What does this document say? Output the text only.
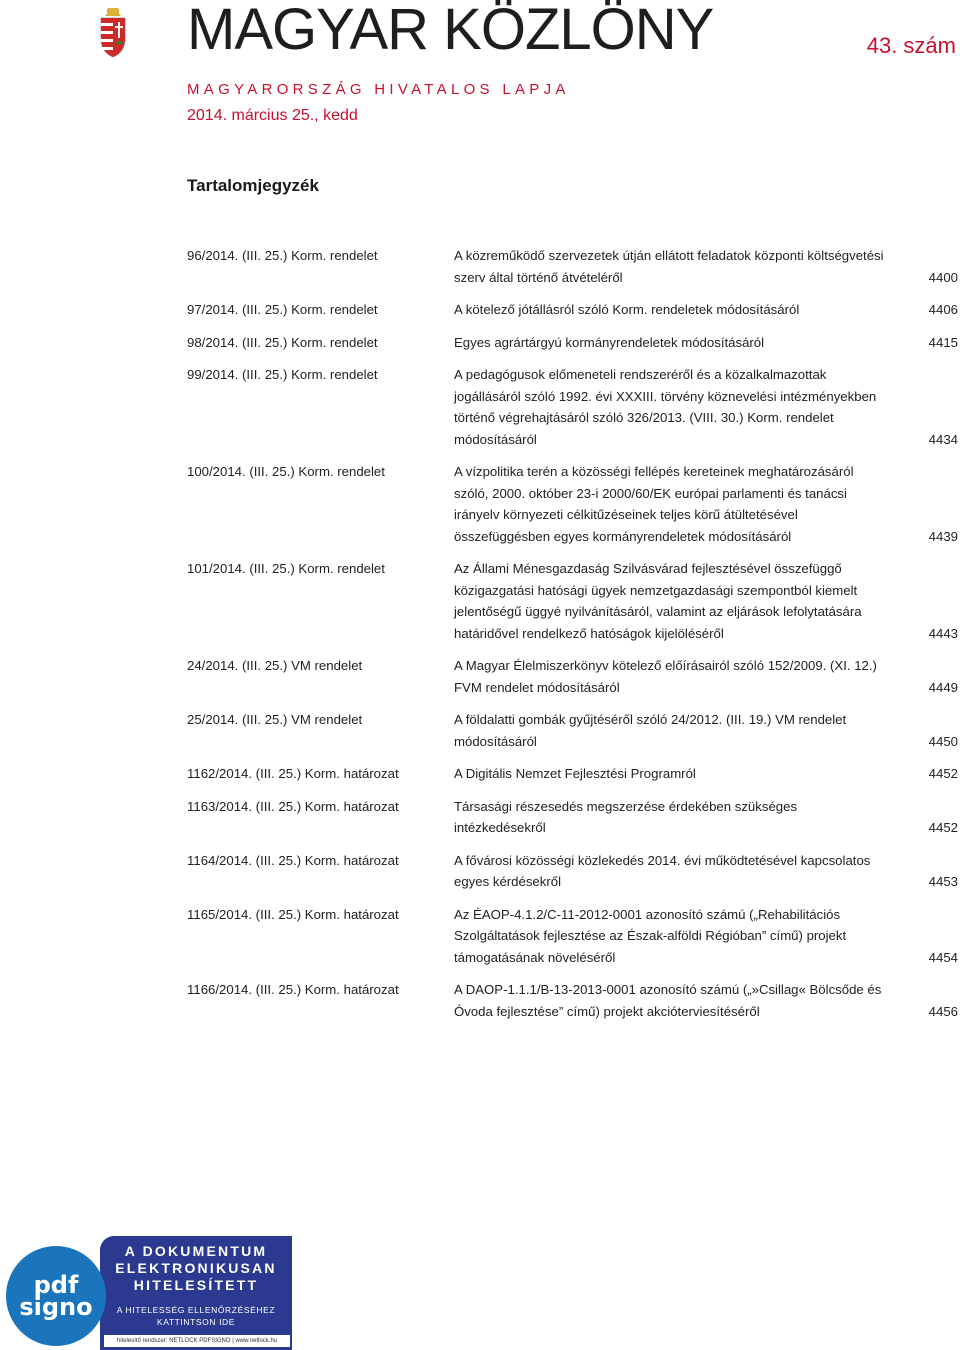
MAGYAR KÖZLÖNY	43. szám
MAGYARORSZÁG HIVATALOS LAPJA
2014. március 25., kedd
Tartalomjegyzék
96/2014. (III. 25.) Korm. rendelet	A közreműködő szervezetek útján ellátott feladatok központi költségvetési szerv által történő átvételéről	4400
97/2014. (III. 25.) Korm. rendelet	A kötelező jótállásról szóló Korm. rendeletek módosításáról	4406
98/2014. (III. 25.) Korm. rendelet	Egyes agrártárgyú kormányrendeletek módosításáról	4415
99/2014. (III. 25.) Korm. rendelet	A pedagógusok előmeneteli rendszeréről és a közalkalmazottak jogállásáról szóló 1992. évi XXXIII. törvény köznevelési intézményekben történő végrehajtásáról szóló 326/2013. (VIII. 30.) Korm. rendelet módosításáról	4434
100/2014. (III. 25.) Korm. rendelet	A vízpolitika terén a közösségi fellépés kereteinek meghatározásáról szóló, 2000. október 23-i 2000/60/EK európai parlamenti és tanácsi irányelv környezeti célkitűzéseinek teljes körű átültetésével összefüggésben egyes kormányrendeletek módosításáról	4439
101/2014. (III. 25.) Korm. rendelet	Az Állami Ménesgazdaság Szilvásvárad fejlesztésével összefüggő közigazgatási hatósági ügyek nemzetgazdasági szempontból kiemelt jelentőségű üggyé nyilvánításáról, valamint az eljárások lefolytatására határidővel rendelkező hatóságok kijelöléséről	4443
24/2014. (III. 25.) VM rendelet	A Magyar Élelmiszerkönyv kötelező előírásairól szóló 152/2009. (XI. 12.) FVM rendelet módosításáról	4449
25/2014. (III. 25.) VM rendelet	A földalatti gombák gyűjtéséről szóló 24/2012. (III. 19.) VM rendelet módosításáról	4450
1162/2014. (III. 25.) Korm. határozat	A Digitális Nemzet Fejlesztési Programról	4452
1163/2014. (III. 25.) Korm. határozat	Társasági részesedés megszerzése érdekében szükséges intézkedésekről	4452
1164/2014. (III. 25.) Korm. határozat	A fővárosi közösségi közlekedés 2014. évi működtetésével kapcsolatos egyes kérdésekről	4453
1165/2014. (III. 25.) Korm. határozat	Az ÉAOP-4.1.2/C-11-2012-0001 azonosító számú („Rehabilitációs Szolgáltatások fejlesztése az Észak-alföldi Régióban” című) projekt támogatásának növeléséről	4454
1166/2014. (III. 25.) Korm. határozat	A DAOP-1.1.1/B-13-2013-0001 azonosító számú („»Csillag« Bölcsőde és Óvoda fejlesztése” című) projekt akcióterviesítéséről	4456
A DOKUMENTUM
ELEKTRONIKUSAN
HITELESÍTETT
A HITELESSÉG ELLENŐRZÉSÉHEZ
KATTINTSON IDE
hitelesítő rendszer: NETLOCK PDFSIGNO | www.netlock.hu
pdf signo
